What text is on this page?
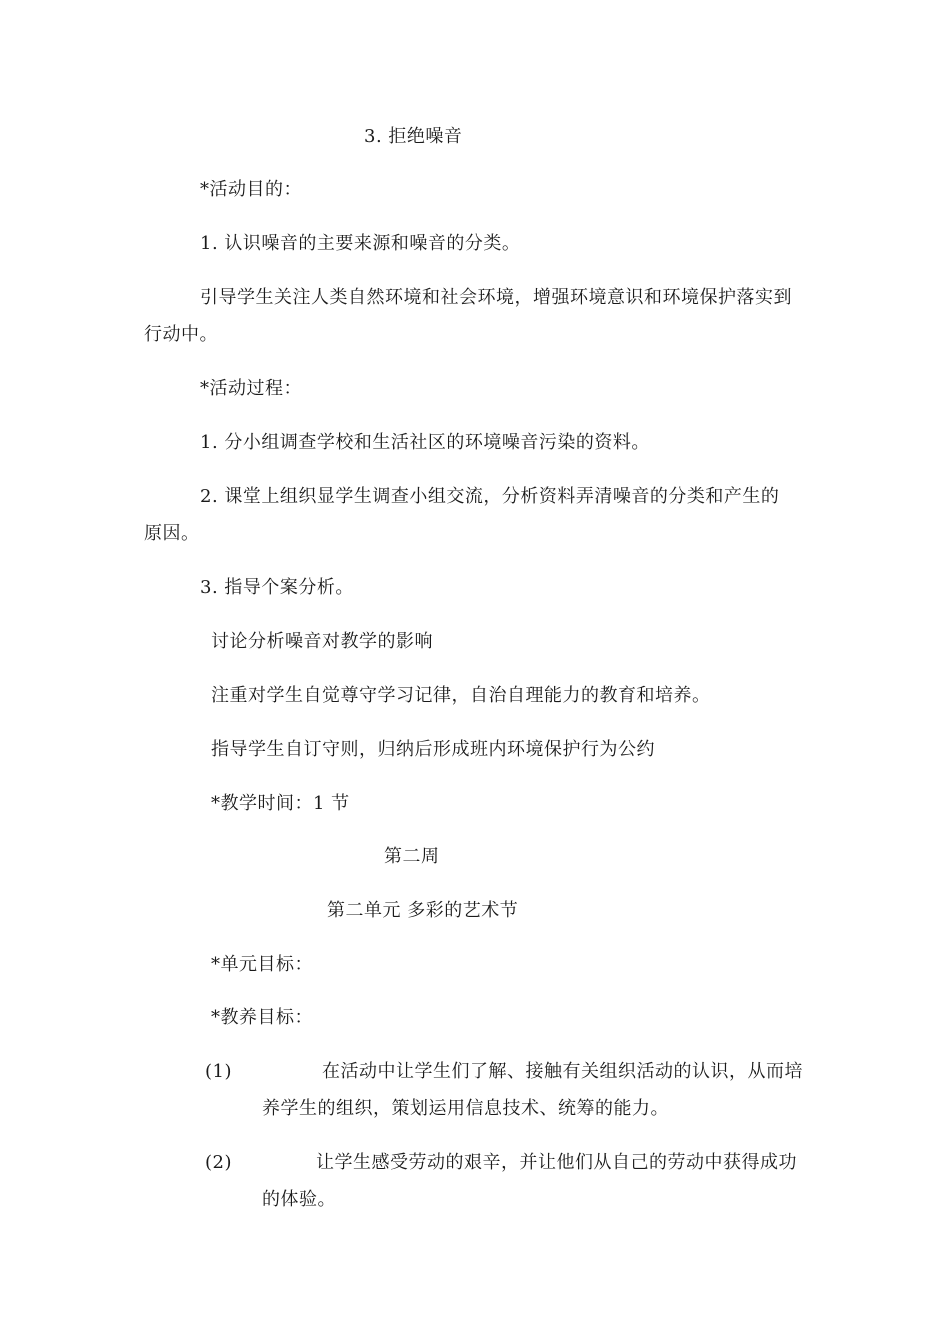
3. 拒绝噪音
*活动目的：
1. 认识噪音的主要来源和噪音的分类。
引导学生关注人类自然环境和社会环境，增强环境意识和环境保护落实到
行动中。
*活动过程：
1. 分小组调查学校和生活社区的环境噪音污染的资料。
2. 课堂上组织显学生调查小组交流，分析资料弄清噪音的分类和产生的
原因。
3. 指导个案分析。
讨论分析噪音对教学的影响
注重对学生自觉尊守学习记律，自治自理能力的教育和培养。
指导学生自订守则，归纳后形成班内环境保护行为公约
*教学时间：1 节
第二周
第二单元 多彩的艺术节
*单元目标：
*教养目标：
(1)	在活动中让学生们了解、接触有关组织活动的认识，从而培
养学生的组织，策划运用信息技术、统筹的能力。
(2)	让学生感受劳动的艰辛，并让他们从自己的劳动中获得成功
的体验。
